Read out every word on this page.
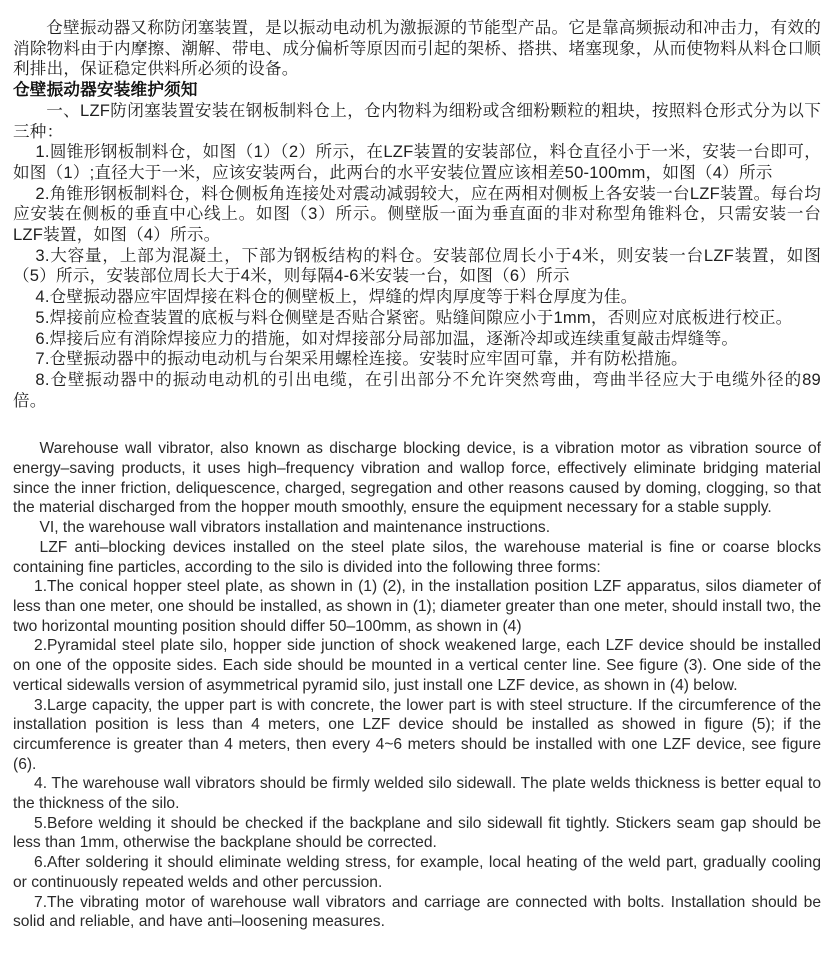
仓壁振动器又称防闭塞装置，是以振动电动机为激振源的节能型产品。它是靠高频振动和冲击力，有效的消除物料由于内摩擦、潮解、带电、成分偏析等原因而引起的架桥、搭拱、堵塞现象，从而使物料从料仓口顺利排出，保证稳定供料所必须的设备。

仓壁振动器安装维护须知

一、LZF防闭塞装置安装在钢板制料仓上，仓内物料为细粉或含细粉颗粒的粗块，按照料仓形式分为以下三种：

1.圆锥形钢板制料仓，如图（1）（2）所示，在LZF装置的安装部位，料仓直径小于一米，安装一台即可，如图（1）;直径大于一米，应该安装两台，此两台的水平安装位置应该相差50-100mm，如图（4）所示

2.角锥形钢板制料仓，料仓侧板角连接处对震动减弱较大，应在两相对侧板上各安装一台LZF装置。每台均应安装在侧板的垂直中心线上。如图（3）所示。侧壁版一面为垂直面的非对称型角锥料仓，只需安装一台LZF装置，如图（4）所示。

3.大容量，上部为混凝土，下部为钢板结构的料仓。安装部位周长小于4米，则安装一台LZF装置，如图（5）所示，安装部位周长大于4米，则每隔4-6米安装一台，如图（6）所示

4.仓壁振动器应牢固焊接在料仓的侧壁板上，焊缝的焊肉厚度等于料仓厚度为佳。

5.焊接前应检查装置的底板与料仓侧壁是否贴合紧密。贴缝间隙应小于1mm，否则应对底板进行校正。

6.焊接后应有消除焊接应力的措施，如对焊接部分局部加温，逐渐冷却或连续重复敲击焊缝等。

7.仓壁振动器中的振动电动机与台架采用螺栓连接。安装时应牢固可靠，并有防松措施。

8.仓壁振动器中的振动电动机的引出电缆，在引出部分不允许突然弯曲，弯曲半径应大于电缆外径的89倍。

Warehouse wall vibrator, also known as discharge blocking device, is a vibration motor as vibration source of energy–saving products, it uses high–frequency vibration and wallop force, effectively eliminate bridging material since the inner friction, deliquescence, charged, segregation and other reasons caused by doming, clogging, so that the material discharged from the hopper mouth smoothly, ensure the equipment necessary for a stable supply.

VI, the warehouse wall vibrators installation and maintenance instructions.

LZF anti–blocking devices installed on the steel plate silos, the warehouse material is fine or coarse blocks containing fine particles, according to the silo is divided into the following three forms:

1.The conical hopper steel plate, as shown in (1) (2), in the installation position LZF apparatus, silos diameter of less than one meter, one should be installed, as shown in (1); diameter greater than one meter, should install two, the two horizontal mounting position should differ 50–100mm, as shown in (4)

2.Pyramidal steel plate silo, hopper side junction of shock weakened large, each LZF device should be installed on one of the opposite sides. Each side should be mounted in a vertical center line. See figure (3). One side of the vertical sidewalls version of asymmetrical pyramid silo, just install one LZF device, as shown in (4) below.

3.Large capacity, the upper part is with concrete, the lower part is with steel structure. If the circumference of the installation position is less than 4 meters, one LZF device should be installed as showed in figure (5); if the circumference is greater than 4 meters, then every 4~6 meters should be installed with one LZF device, see figure (6).

4. The warehouse wall vibrators should be firmly welded silo sidewall. The plate welds thickness is better equal to the thickness of the silo.

5.Before welding it should be checked if the backplane and silo sidewall fit tightly. Stickers seam gap should be less than 1mm, otherwise the backplane should be corrected.

6.After soldering it should eliminate welding stress, for example, local heating of the weld part, gradually cooling or continuously repeated welds and other percussion.

7.The vibrating motor of warehouse wall vibrators and carriage are connected with bolts. Installation should be solid and reliable, and have anti–loosening measures.
